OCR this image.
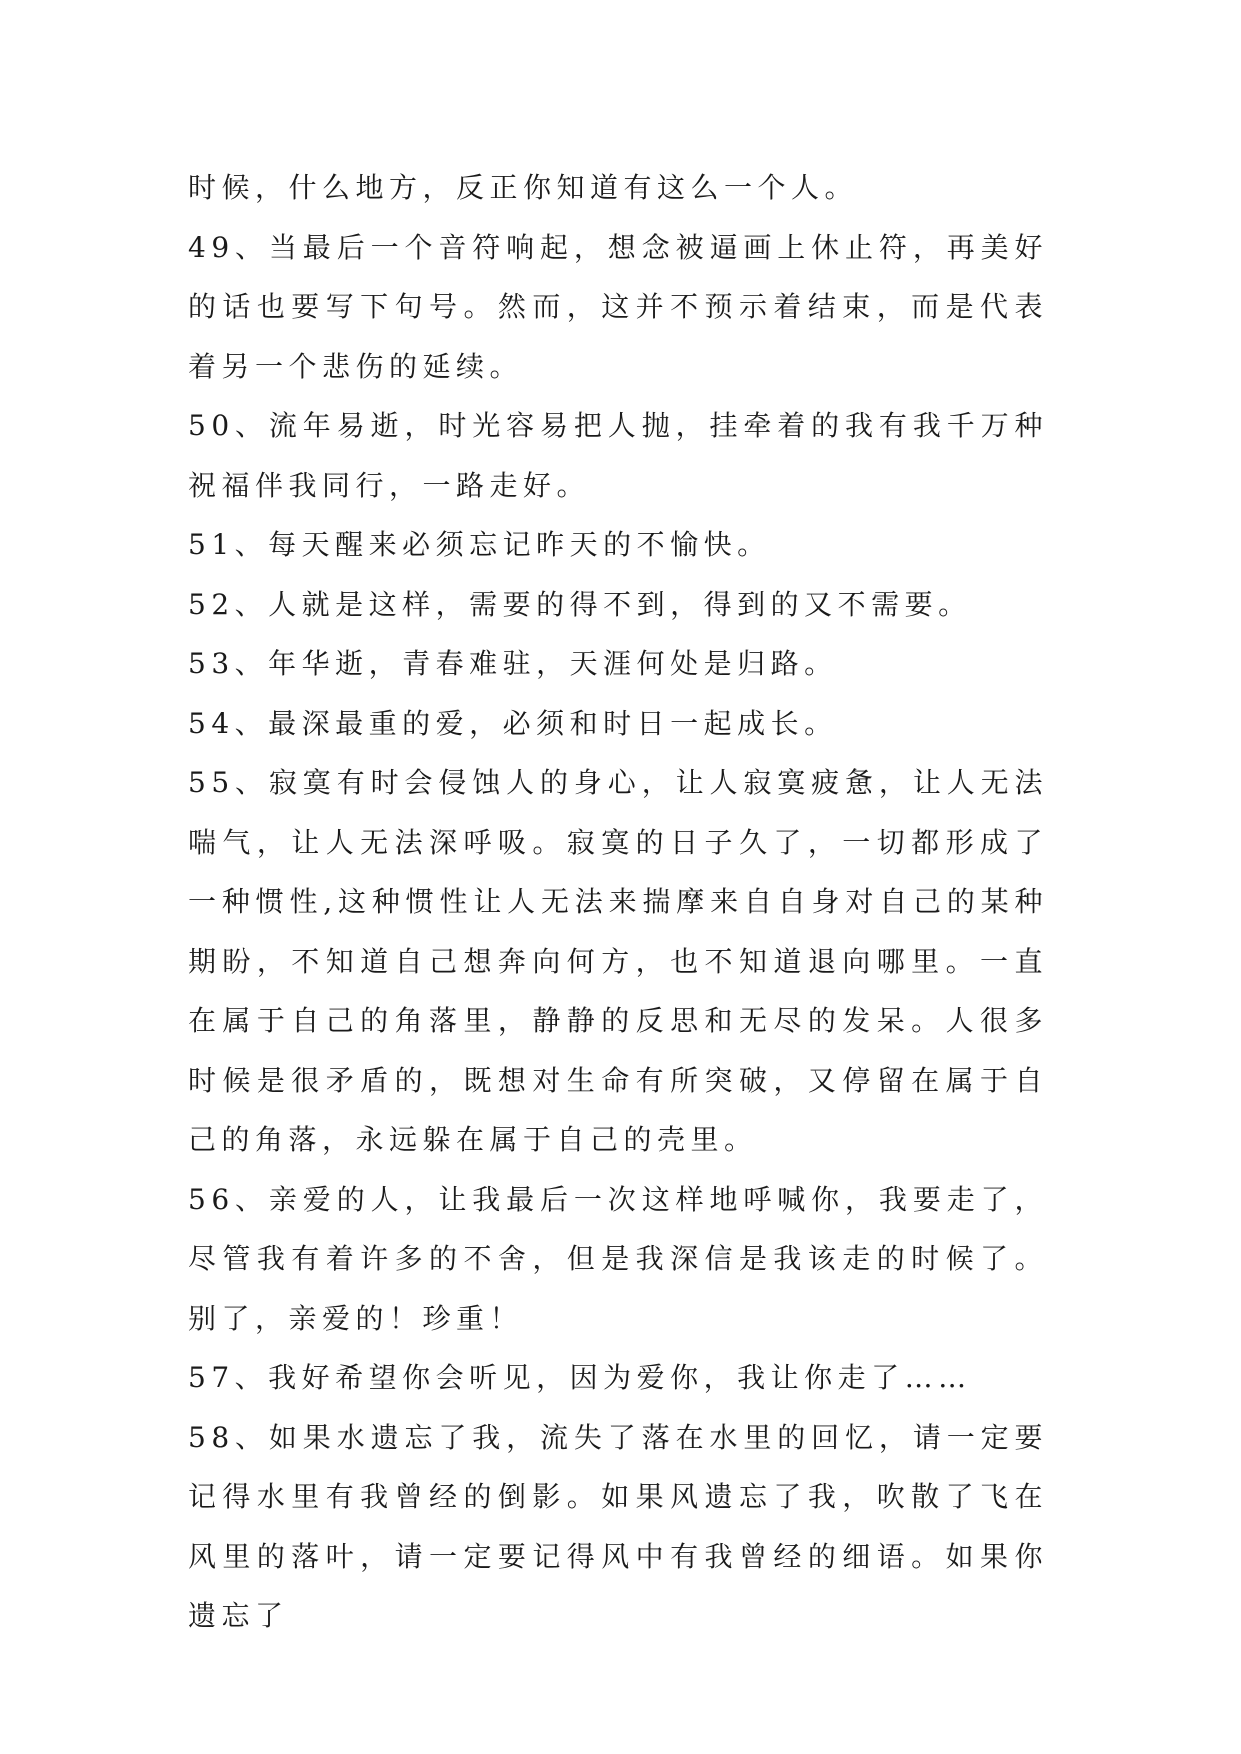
时候，什么地方，反正你知道有这么一个人。

49、当最后一个音符响起，想念被逼画上休止符，再美好的话也要写下句号。然而，这并不预示着结束，而是代表着另一个悲伤的延续。

50、流年易逝，时光容易把人抛，挂牵着的我有我千万种祝福伴我同行，一路走好。

51、每天醒来必须忘记昨天的不愉快。

52、人就是这样，需要的得不到，得到的又不需要。

53、年华逝，青春难驻，天涯何处是归路。

54、最深最重的爱，必须和时日一起成长。

55、寂寞有时会侵蚀人的身心，让人寂寞疲惫，让人无法喘气，让人无法深呼吸。寂寞的日子久了，一切都形成了一种惯性,这种惯性让人无法来揣摩来自自身对自己的某种期盼，不知道自己想奔向何方，也不知道退向哪里。一直在属于自己的角落里，静静的反思和无尽的发呆。人很多时候是很矛盾的，既想对生命有所突破，又停留在属于自己的角落，永远躲在属于自己的壳里。

56、亲爱的人，让我最后一次这样地呼喊你，我要走了，尽管我有着许多的不舍，但是我深信是我该走的时候了。别了，亲爱的！珍重！

57、我好希望你会听见，因为爱你，我让你走了……

58、如果水遗忘了我，流失了落在水里的回忆，请一定要记得水里有我曾经的倒影。如果风遗忘了我，吹散了飞在风里的落叶，请一定要记得风中有我曾经的细语。如果你遗忘了
